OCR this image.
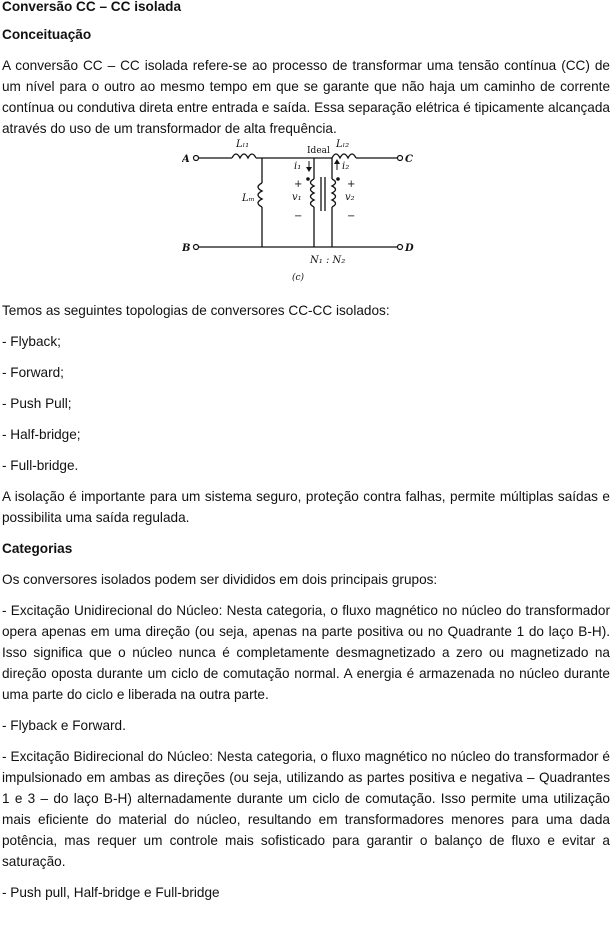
Conversão CC – CC isolada
Conceituação

A conversão CC – CC isolada refere-se ao processo de transformar uma tensão contínua (CC) de um nível para o outro ao mesmo tempo em que se garante que não haja um caminho de corrente contínua ou condutiva direta entre entrada e saída. Essa separação elétrica é tipicamente alcançada através do uso de um transformador de alta frequência.

A
B
C
D
Lₗ₁	Lₗ₂
Lₘ
Ideal
i₁	i₂
+	+
v₁	v₂
−	−
N₁ : N₂
(c)

Temos as seguintes topologias de conversores CC-CC isolados:

- Flyback;

- Forward;

- Push Pull;

- Half-bridge;

- Full-bridge.

A isolação é importante para um sistema seguro, proteção contra falhas, permite múltiplas saídas e possibilita uma saída regulada.

Categorias

Os conversores isolados podem ser divididos em dois principais grupos:

- Excitação Unidirecional do Núcleo: Nesta categoria, o fluxo magnético no núcleo do transformador opera apenas em uma direção (ou seja, apenas na parte positiva ou no Quadrante 1 do laço B-H). Isso significa que o núcleo nunca é completamente desmagnetizado a zero ou magnetizado na direção oposta durante um ciclo de comutação normal. A energia é armazenada no núcleo durante uma parte do ciclo e liberada na outra parte.

- Flyback e Forward.

- Excitação Bidirecional do Núcleo: Nesta categoria, o fluxo magnético no núcleo do transformador é impulsionado em ambas as direções (ou seja, utilizando as partes positiva e negativa – Quadrantes 1 e 3 – do laço B-H) alternadamente durante um ciclo de comutação. Isso permite uma utilização mais eficiente do material do núcleo, resultando em transformadores menores para uma dada potência, mas requer um controle mais sofisticado para garantir o balanço de fluxo e evitar a saturação.

- Push pull, Half-bridge e Full-bridge
